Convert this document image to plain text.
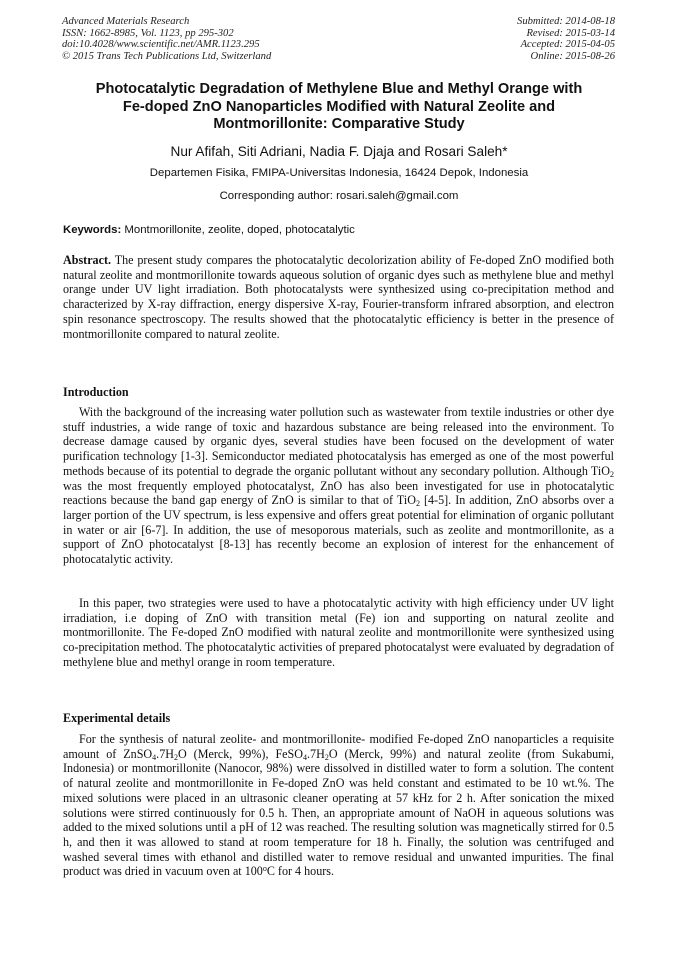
Advanced Materials Research
ISSN: 1662-8985, Vol. 1123, pp 295-302
doi:10.4028/www.scientific.net/AMR.1123.295
© 2015 Trans Tech Publications Ltd, Switzerland
Submitted: 2014-08-18
Revised: 2015-03-14
Accepted: 2015-04-05
Online: 2015-08-26
Photocatalytic Degradation of Methylene Blue and Methyl Orange with
Fe-doped ZnO Nanoparticles Modified with Natural Zeolite and
Montmorillonite: Comparative Study
Nur Afifah, Siti Adriani, Nadia F. Djaja and Rosari Saleh*
Departemen Fisika, FMIPA-Universitas Indonesia, 16424 Depok, Indonesia
Corresponding author: rosari.saleh@gmail.com
Keywords: Montmorillonite, zeolite, doped, photocatalytic
Abstract. The present study compares the photocatalytic decolorization ability of Fe-doped ZnO modified both natural zeolite and montmorillonite towards aqueous solution of organic dyes such as methylene blue and methyl orange under UV light irradiation. Both photocatalysts were synthesized using co-precipitation method and characterized by X-ray diffraction, energy dispersive X-ray, Fourier-transform infrared absorption, and electron spin resonance spectroscopy. The results showed that the photocatalytic efficiency is better in the presence of montmorillonite compared to natural zeolite.
Introduction
With the background of the increasing water pollution such as wastewater from textile industries or other dye stuff industries, a wide range of toxic and hazardous substance are being released into the environment. To decrease damage caused by organic dyes, several studies have been focused on the development of water purification technology [1-3]. Semiconductor mediated photocatalysis has emerged as one of the most powerful methods because of its potential to degrade the organic pollutant without any secondary pollution. Although TiO$_2$ was the most frequently employed photocatalyst, ZnO has also been investigated for use in photocatalytic reactions because the band gap energy of ZnO is similar to that of TiO$_2$ [4-5]. In addition, ZnO absorbs over a larger portion of the UV spectrum, is less expensive and offers great potential for elimination of organic pollutant in water or air [6-7]. In addition, the use of mesoporous materials, such as zeolite and montmorillonite, as a support of ZnO photocatalyst [8-13] has recently become an explosion of interest for the enhancement of photocatalytic activity.
In this paper, two strategies were used to have a photocatalytic activity with high efficiency under UV light irradiation, i.e doping of ZnO with transition metal (Fe) ion and supporting on natural zeolite and montmorillonite. The Fe-doped ZnO modified with natural zeolite and montmorillonite were synthesized using co-precipitation method. The photocatalytic activities of prepared photocatalyst were evaluated by degradation of methylene blue and methyl orange in room temperature.
Experimental details
For the synthesis of natural zeolite- and montmorillonite- modified Fe-doped ZnO nanoparticles a requisite amount of $ZnSO_4.7H_2O$ (Merck, 99%), $FeSO_4.7H_2O$ (Merck, 99%) and natural zeolite (from Sukabumi, Indonesia) or montmorillonite (Nanocor, 98%) were dissolved in distilled water to form a solution. The content of natural zeolite and montmorillonite in Fe-doped ZnO was held constant and estimated to be 10 wt.%. The mixed solutions were placed in an ultrasonic cleaner operating at 57 kHz for 2 h. After sonication the mixed solutions were stirred continuously for 0.5 h. Then, an appropriate amount of NaOH in aqueous solutions was added to the mixed solutions until a pH of 12 was reached. The resulting solution was magnetically stirred for 0.5 h, and then it was allowed to stand at room temperature for 18 h. Finally, the solution was centrifuged and washed several times with ethanol and distilled water to remove residual and unwanted impurities. The final product was dried in vacuum oven at 100$^o$C for 4 hours.
